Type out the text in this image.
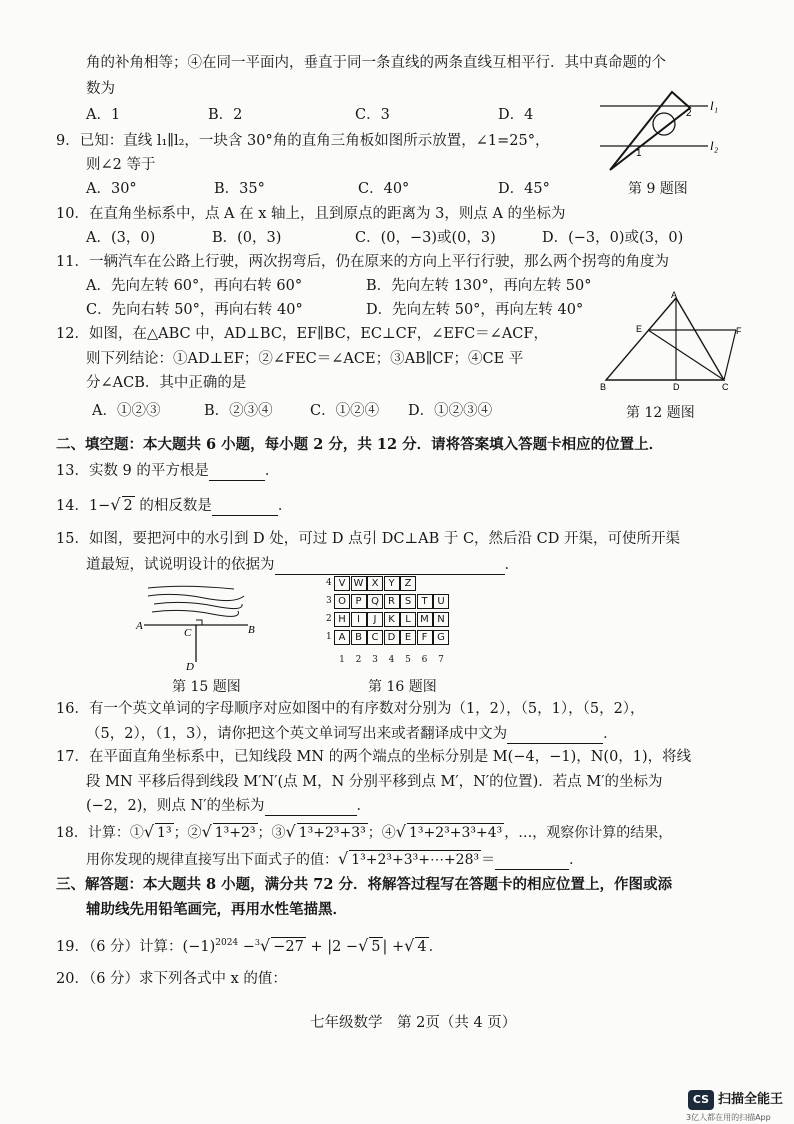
角的补角相等；④在同一平面内，垂直于同一条直线的两条直线互相平行．其中真命题的个
数为
A．1	B．2	C．3	D．4
l₁
l₂
2
1
第 9 题图
9．已知：直线 l₁∥l₂，一块含 30°角的直角三角板如图所示放置，∠1=25°，
则∠2 等于
A．30°	B．35°	C．40°	D．45°
10．在直角坐标系中，点 A 在 x 轴上，且到原点的距离为 3，则点 A 的坐标为
A．(3，0)	B．(0，3)	C．(0，−3)或(0，3)	D．(−3，0)或(3，0)
11．一辆汽车在公路上行驶，两次拐弯后，仍在原来的方向上平行行驶，那么两个拐弯的角度为
A．先向左转 60°，再向右转 60°	B．先向左转 130°，再向左转 50°
C．先向右转 50°，再向右转 40°	D．先向左转 50°，再向左转 40°
A
E	F
B	D	C
第 12 题图
12．如图，在△ABC 中，AD⊥BC，EF∥BC，EC⊥CF，∠EFC＝∠ACF，
则下列结论：①AD⊥EF；②∠FEC＝∠ACE；③AB∥CF；④CE 平
分∠ACB．其中正确的是
A．①②③	B．②③④	C．①②④ D．①②③④
二、填空题：本大题共 6 小题，每小题 2 分，共 12 分．请将答案填入答题卡相应的位置上．
13．实数 9 的平方根是	．
14．1−√ 2 的相反数是	．
15．如图，要把河中的水引到 D 处，可过 D 点引 DC⊥AB 于 C，然后沿 CD 开渠，可使所开渠
道最短，试说明设计的依据为	．
A	B
C
D
第 15 题图
4 V W X	Y	Z
3 O P Q R S	T U
2 H	I	J	K	L M N
1 A B C D E	F G
1	2	3	4	5	6	7
第 16 题图
16．有一个英文单词的字母顺序对应如图中的有序数对分别为（1，2），（5，1），（5，2），
（5，2），（1，3），请你把这个英文单词写出来或者翻译成中文为	．
17．在平面直角坐标系中，已知线段 MN 的两个端点的坐标分别是 M(−4，−1)，N(0，1)，将线
段 MN 平移后得到线段 M′N′(点 M，N 分别平移到点 M′，N′的位置)．若点 M′的坐标为
(−2，2)，则点 N′的坐标为	．
18．计算：①√ 1³ ；②√ 1³+2³ ；③√ 1³+2³+3³ ；④√ 1³+2³+3³+4³ ，…，观察你计算的结果，
用你发现的规律直接写出下面式子的值：√ 1³+2³+3³+⋯+28³ ＝	．
三、解答题：本大题共 8 小题，满分共 72 分．将解答过程写在答题卡的相应位置上，作图或添
辅助线先用铅笔画完，再用水性笔描黑．
19．（6 分）计算：$(-1)^{2024} -^3√ -27 + |2$ −√ 5 | +√ 4 ．
20．（6 分）求下列各式中 x 的值：
七年级数学　第 2页（共 4 页）
CS 扫描全能王
3亿人都在用的扫描App
